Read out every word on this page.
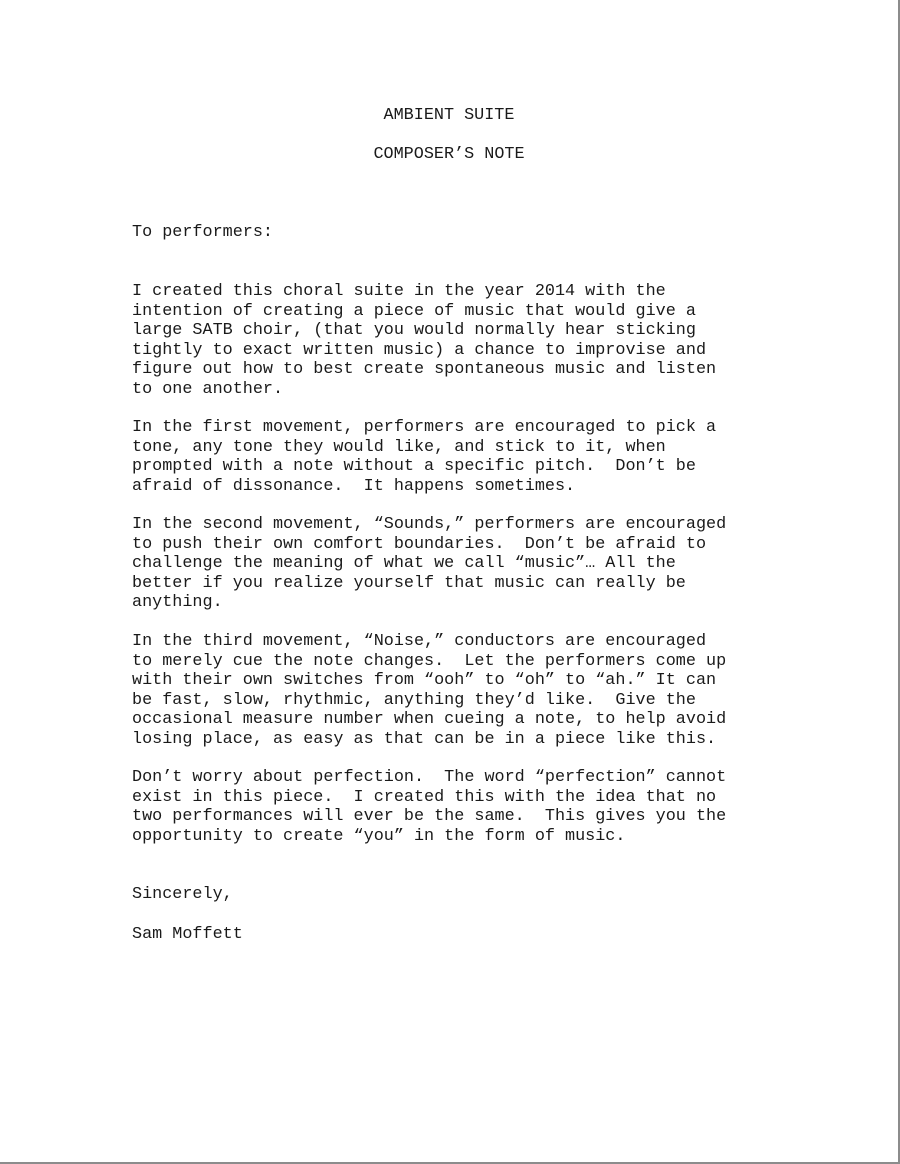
AMBIENT SUITE
COMPOSER’S NOTE
To performers:
I created this choral suite in the year 2014 with the
intention of creating a piece of music that would give a
large SATB choir, (that you would normally hear sticking
tightly to exact written music) a chance to improvise and
figure out how to best create spontaneous music and listen
to one another.
In the first movement, performers are encouraged to pick a
tone, any tone they would like, and stick to it, when
prompted with a note without a specific pitch.  Don’t be
afraid of dissonance.  It happens sometimes.
In the second movement, “Sounds,” performers are encouraged
to push their own comfort boundaries.  Don’t be afraid to
challenge the meaning of what we call “music”… All the
better if you realize yourself that music can really be
anything.
In the third movement, “Noise,” conductors are encouraged
to merely cue the note changes.  Let the performers come up
with their own switches from “ooh” to “oh” to “ah.” It can
be fast, slow, rhythmic, anything they’d like.  Give the
occasional measure number when cueing a note, to help avoid
losing place, as easy as that can be in a piece like this.
Don’t worry about perfection.  The word “perfection” cannot
exist in this piece.  I created this with the idea that no
two performances will ever be the same.  This gives you the
opportunity to create “you” in the form of music.
Sincerely,
Sam Moffett
